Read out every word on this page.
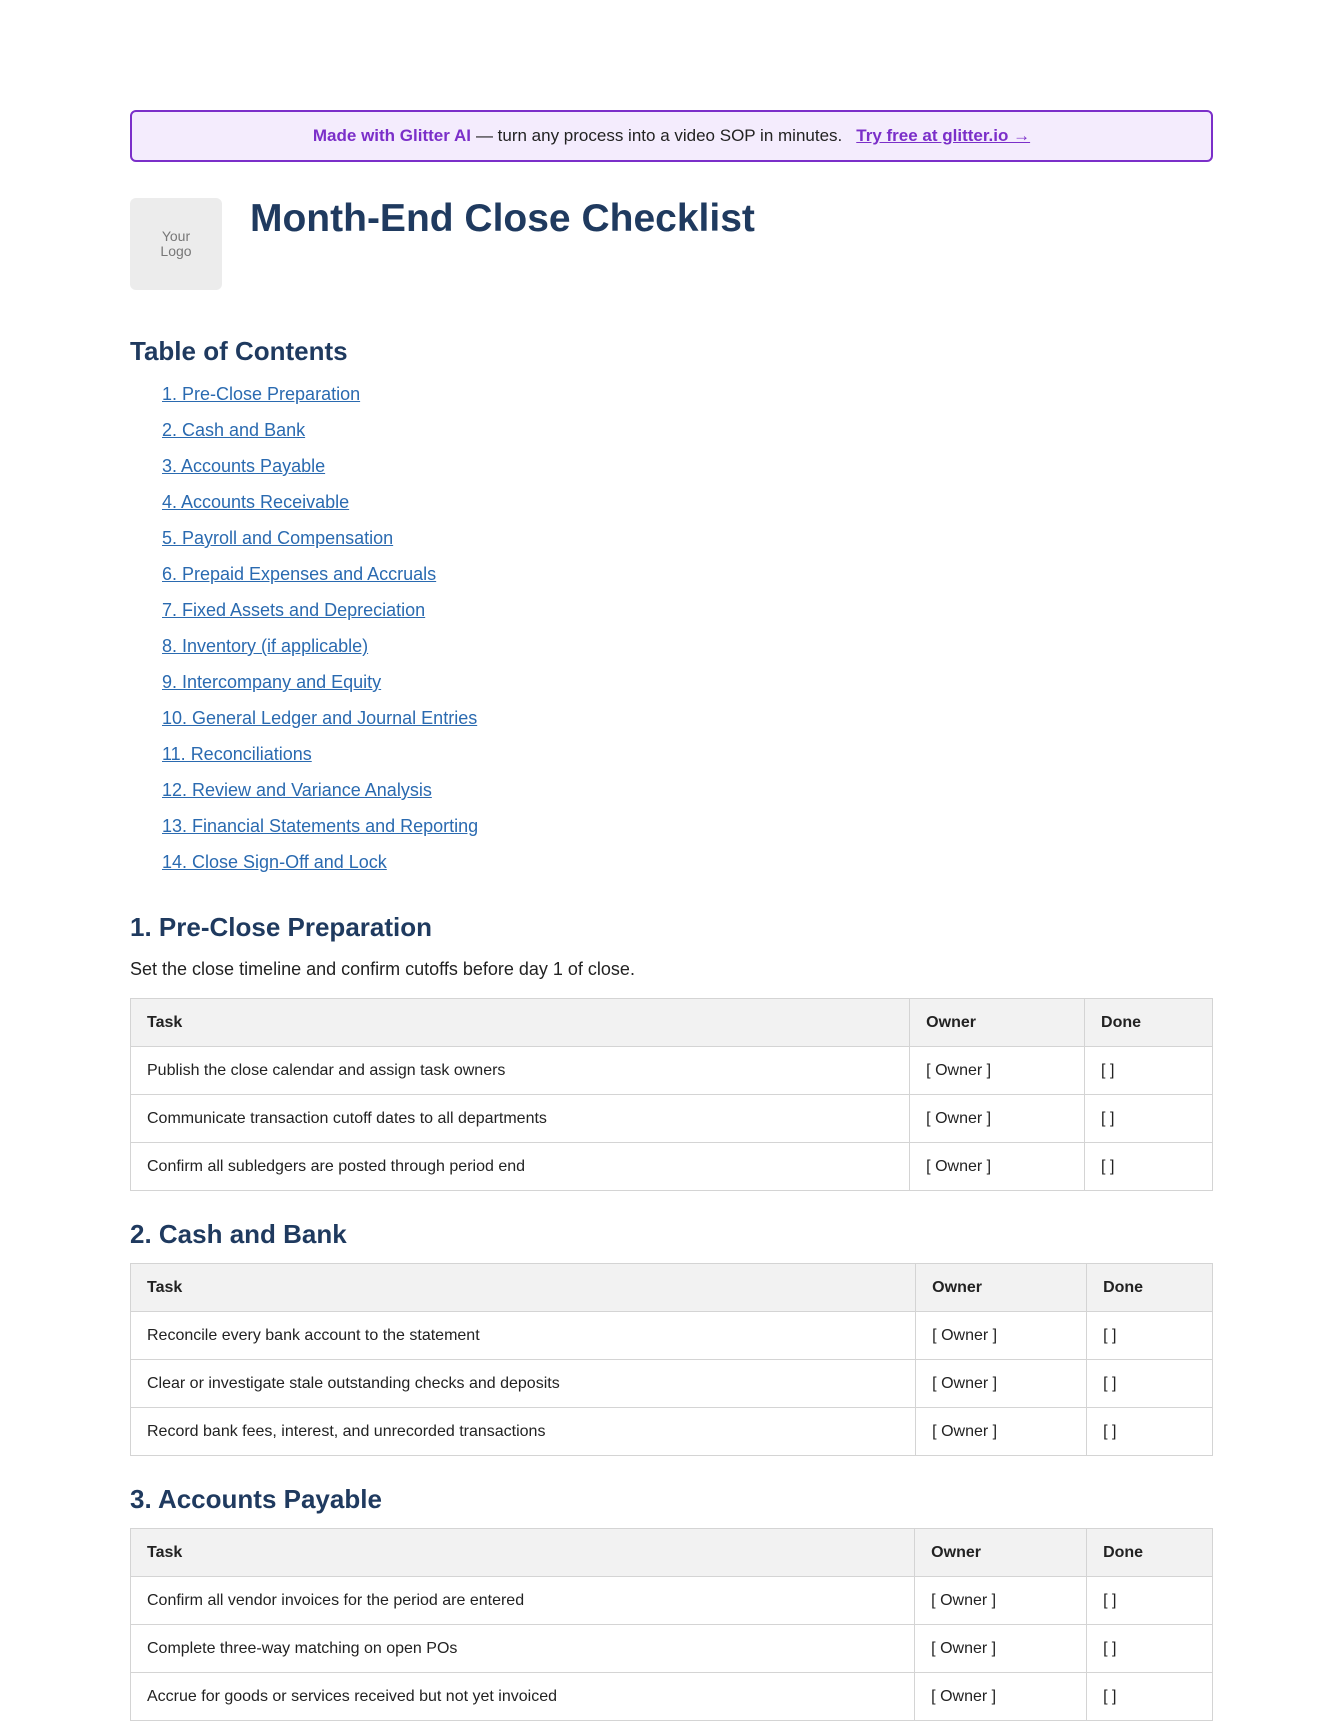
Made with Glitter AI — turn any process into a video SOP in minutes. Try free at glitter.io →
Your
Logo
Month-End Close Checklist
Table of Contents
1. Pre-Close Preparation
2. Cash and Bank
3. Accounts Payable
4. Accounts Receivable
5. Payroll and Compensation
6. Prepaid Expenses and Accruals
7. Fixed Assets and Depreciation
8. Inventory (if applicable)
9. Intercompany and Equity
10. General Ledger and Journal Entries
11. Reconciliations
12. Review and Variance Analysis
13. Financial Statements and Reporting
14. Close Sign-Off and Lock
1. Pre-Close Preparation

Set the close timeline and confirm cutoffs before day 1 of close.

Task	Owner	Done
Publish the close calendar and assign task owners	[ Owner ]	[ ]
Communicate transaction cutoff dates to all departments	[ Owner ]	[ ]
Confirm all subledgers are posted through period end	[ Owner ]	[ ]
2. Cash and Bank
Task	Owner	Done
Reconcile every bank account to the statement	[ Owner ]	[ ]
Clear or investigate stale outstanding checks and deposits	[ Owner ]	[ ]
Record bank fees, interest, and unrecorded transactions	[ Owner ]	[ ]
3. Accounts Payable
Task	Owner	Done
Confirm all vendor invoices for the period are entered	[ Owner ]	[ ]
Complete three-way matching on open POs	[ Owner ]	[ ]
Accrue for goods or services received but not yet invoiced	[ Owner ]	[ ]
